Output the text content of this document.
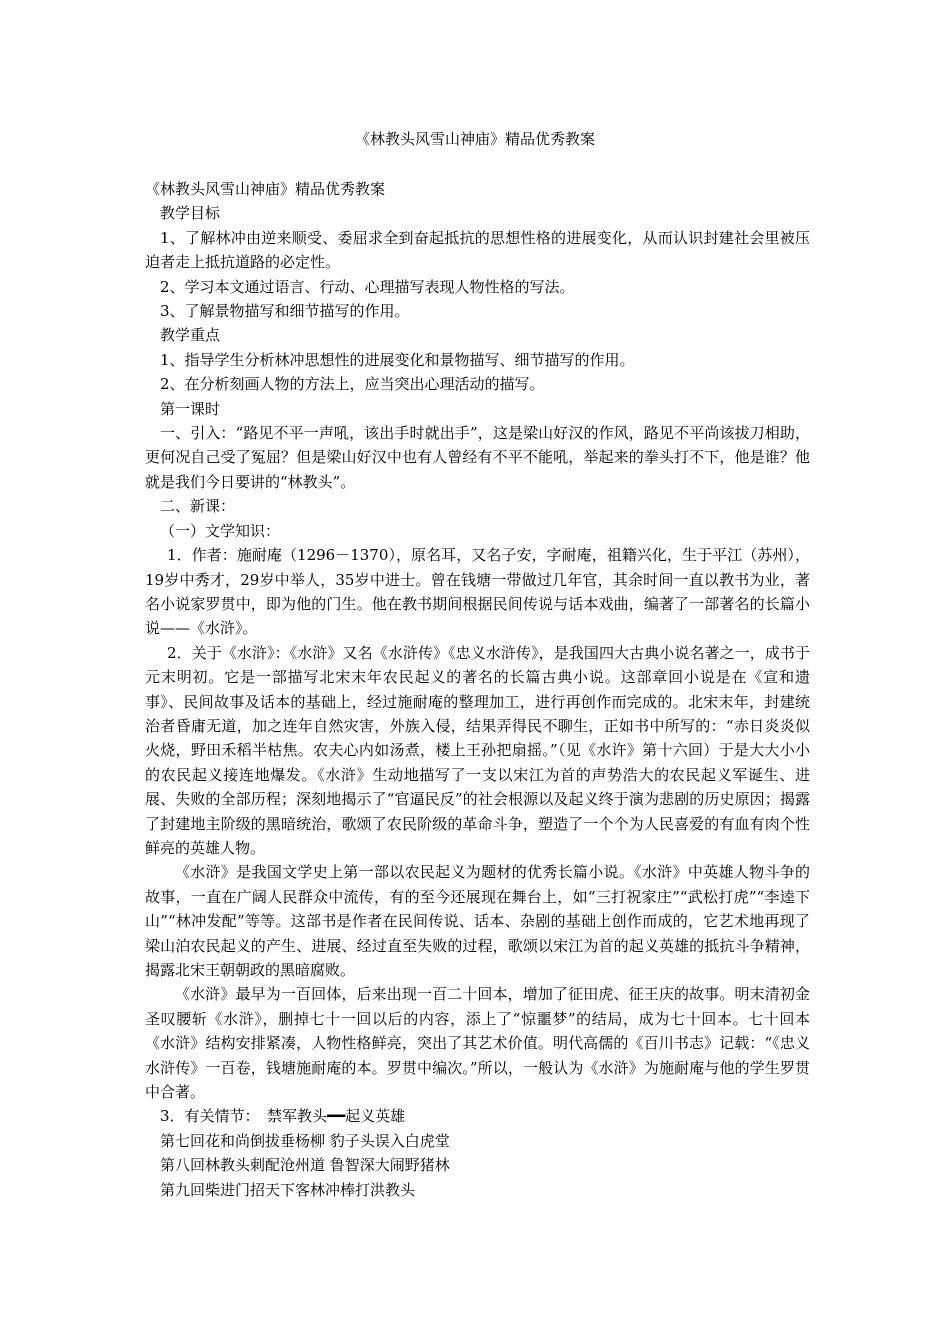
《林教头风雪山神庙》精品优秀教案

《林教头风雪山神庙》精品优秀教案

教学目标

1、了解林冲由逆来顺受、委屈求全到奋起抵抗的思想性格的进展变化，从而认识封建社会里被压迫者走上抵抗道路的必定性。

2、学习本文通过语言、行动、心理描写表现人物性格的写法。

3、了解景物描写和细节描写的作用。

教学重点

1、指导学生分析林冲思想性的进展变化和景物描写、细节描写的作用。

2、在分析刻画人物的方法上，应当突出心理活动的描写。

第一课时

一、引入：“路见不平一声吼，该出手时就出手”，这是梁山好汉的作风，路见不平尚该拔刀相助，更何况自己受了冤屈？但是梁山好汉中也有人曾经有不平不能吼，举起来的拳头打不下，他是谁？他就是我们今日要讲的“林教头”。

二、新课：

（一）文学知识：

1．作者：施耐庵（1296－1370），原名耳，又名子安，字耐庵，祖籍兴化，生于平江（苏州），19岁中秀才，29岁中举人，35岁中进士。曾在钱塘一带做过几年官，其余时间一直以教书为业，著名小说家罗贯中，即为他的门生。他在教书期间根据民间传说与话本戏曲，编著了一部著名的长篇小说——《水浒》。

2．关于《水浒》：《水浒》又名《水浒传》《忠义水浒传》，是我国四大古典小说名著之一，成书于元末明初。它是一部描写北宋末年农民起义的著名的长篇古典小说。这部章回小说是在《宣和遗事》、民间故事及话本的基础上，经过施耐庵的整理加工，进行再创作而完成的。北宋末年，封建统治者昏庸无道，加之连年自然灾害，外族入侵，结果弄得民不聊生，正如书中所写的：“赤日炎炎似火烧，野田禾稻半枯焦。农夫心内如汤煮，楼上王孙把扇摇。”（见《水许》第十六回）于是大大小小的农民起义接连地爆发。《水浒》生动地描写了一支以宋江为首的声势浩大的农民起义军诞生、进展、失败的全部历程；深刻地揭示了“官逼民反”的社会根源以及起义终于演为悲剧的历史原因；揭露了封建地主阶级的黑暗统治，歌颂了农民阶级的革命斗争，塑造了一个个为人民喜爱的有血有肉个性鲜亮的英雄人物。

《水浒》是我国文学史上第一部以农民起义为题材的优秀长篇小说。《水浒》中英雄人物斗争的故事，一直在广阔人民群众中流传，有的至今还展现在舞台上，如“三打祝家庄”“武松打虎”“李逵下山”“林冲发配”等等。这部书是作者在民间传说、话本、杂剧的基础上创作而成的，它艺术地再现了梁山泊农民起义的产生、进展、经过直至失败的过程，歌颂以宋江为首的起义英雄的抵抗斗争精神，揭露北宋王朝朝政的黑暗腐败。

《水浒》最早为一百回体，后来出现一百二十回本，增加了征田虎、征王庆的故事。明末清初金圣叹腰斩《水浒》，删掉七十一回以后的内容，添上了“惊噩梦”的结局，成为七十回本。七十回本《水浒》结构安排紧凑，人物性格鲜亮，突出了其艺术价值。明代高儒的《百川书志》记载：“《忠义水浒传》一百卷，钱塘施耐庵的本。罗贯中编次。”所以，一般认为《水浒》为施耐庵与他的学生罗贯中合著。

3．有关情节：　禁军教头━━起义英雄

第七回花和尚倒拔垂杨柳 豹子头误入白虎堂

第八回林教头刺配沧州道 鲁智深大闹野猪林

第九回柴进门招天下客林冲棒打洪教头
